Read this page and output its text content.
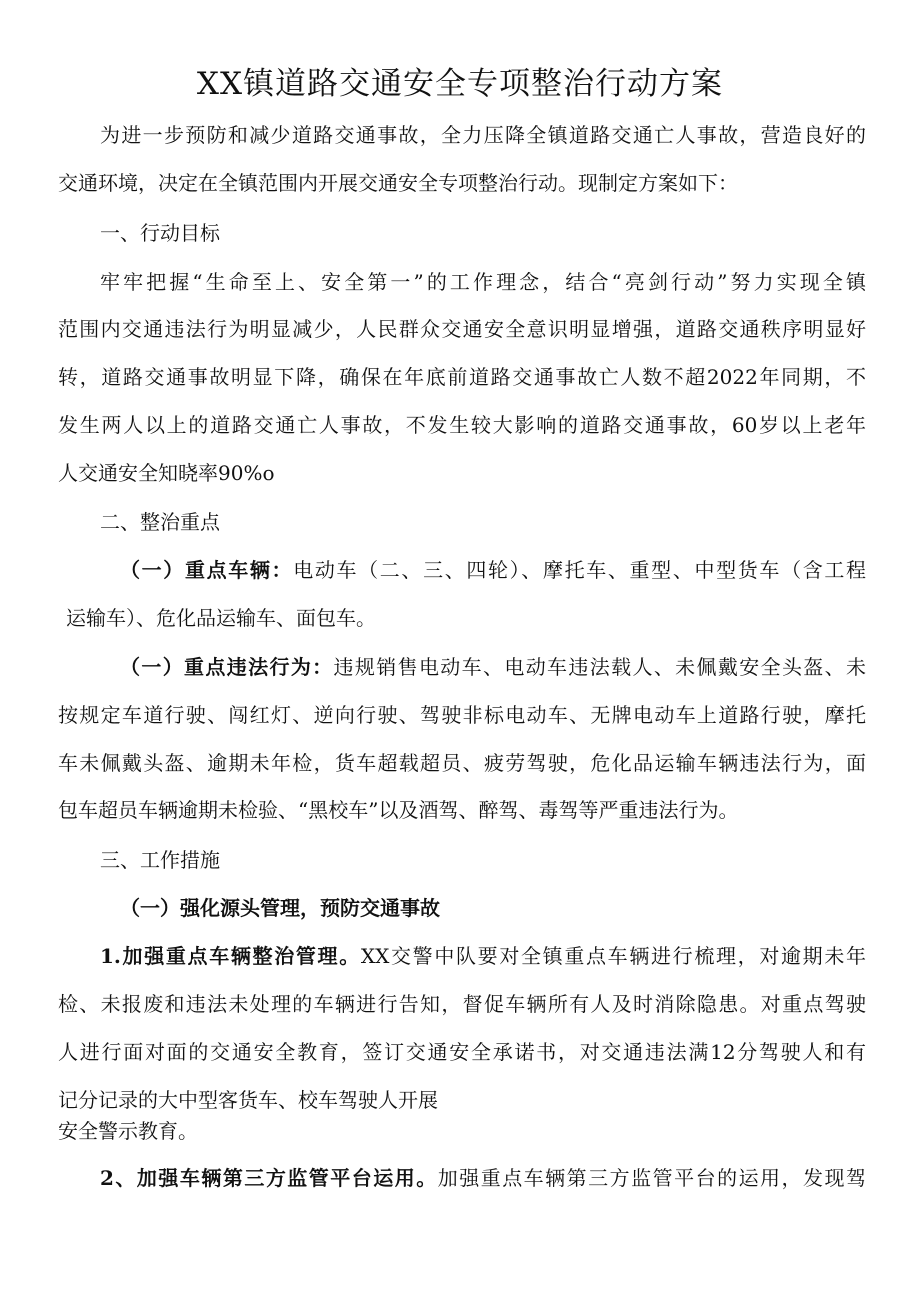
XX镇道路交通安全专项整治行动方案
为进一步预防和减少道路交通事故，全力压降全镇道路交通亡人事故，营造良好的
交通环境，决定在全镇范围内开展交通安全专项整治行动。现制定方案如下：
一、行动目标
牢牢把握“生命至上、安全第一”的工作理念，结合“亮剑行动”努力实现全镇
范围内交通违法行为明显减少，人民群众交通安全意识明显增强，道路交通秩序明显好
转，道路交通事故明显下降，确保在年底前道路交通事故亡人数不超2022年同期，不
发生两人以上的道路交通亡人事故，不发生较大影响的道路交通事故，60岁以上老年
人交通安全知晓率90%o
二、整治重点
（一）重点车辆：电动车（二、三、四轮）、摩托车、重型、中型货车（含工程
运输车）、危化品运输车、面包车。
（一）重点违法行为：违规销售电动车、电动车违法载人、未佩戴安全头盔、未
按规定车道行驶、闯红灯、逆向行驶、驾驶非标电动车、无牌电动车上道路行驶，摩托
车未佩戴头盔、逾期未年检，货车超载超员、疲劳驾驶，危化品运输车辆违法行为，面
包车超员车辆逾期未检验、“黑校车”以及酒驾、醉驾、毒驾等严重违法行为。
三、工作措施
（一）强化源头管理，预防交通事故
1.加强重点车辆整治管理。XX交警中队要对全镇重点车辆进行梳理，对逾期未年
检、未报废和违法未处理的车辆进行告知，督促车辆所有人及时消除隐患。对重点驾驶
人进行面对面的交通安全教育，签订交通安全承诺书，对交通违法满12分驾驶人和有
记分记录的大中型客货车、校车驾驶人开展
安全警示教育。
2、加强车辆第三方监管平台运用。加强重点车辆第三方监管平台的运用，发现驾
